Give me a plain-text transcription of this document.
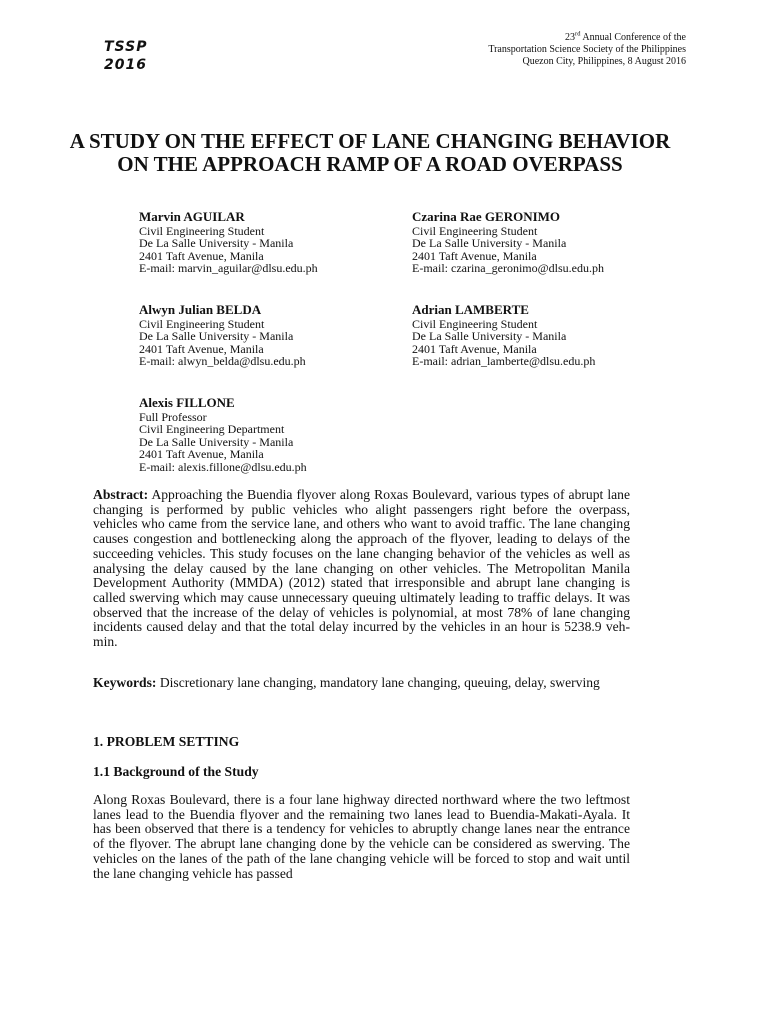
TSSP
2016
23rd Annual Conference of the
Transportation Science Society of the Philippines
Quezon City, Philippines, 8 August 2016
A STUDY ON THE EFFECT OF LANE CHANGING BEHAVIOR ON THE APPROACH RAMP OF A ROAD OVERPASS
Marvin AGUILAR
Civil Engineering Student
De La Salle University - Manila
2401 Taft Avenue, Manila
E-mail: marvin_aguilar@dlsu.edu.ph
Czarina Rae GERONIMO
Civil Engineering Student
De La Salle University - Manila
2401 Taft Avenue, Manila
E-mail: czarina_geronimo@dlsu.edu.ph
Alwyn Julian BELDA
Civil Engineering Student
De La Salle University - Manila
2401 Taft Avenue, Manila
E-mail: alwyn_belda@dlsu.edu.ph
Adrian LAMBERTE
Civil Engineering Student
De La Salle University - Manila
2401 Taft Avenue, Manila
E-mail: adrian_lamberte@dlsu.edu.ph
Alexis FILLONE
Full Professor
Civil Engineering Department
De La Salle University - Manila
2401 Taft Avenue, Manila
E-mail: alexis.fillone@dlsu.edu.ph

Abstract: Approaching the Buendia flyover along Roxas Boulevard, various types of abrupt lane changing is performed by public vehicles who alight passengers right before the overpass, vehicles who came from the service lane, and others who want to avoid traffic. The lane changing causes congestion and bottlenecking along the approach of the flyover, leading to delays of the succeeding vehicles. This study focuses on the lane changing behavior of the vehicles as well as analysing the delay caused by the lane changing on other vehicles. The Metropolitan Manila Development Authority (MMDA) (2012) stated that irresponsible and abrupt lane changing is called swerving which may cause unnecessary queuing ultimately leading to traffic delays. It was observed that the increase of the delay of vehicles is polynomial, at most 78% of lane changing incidents caused delay and that the total delay incurred by the vehicles in an hour is 5238.9 veh-min.

Keywords: Discretionary lane changing, mandatory lane changing, queuing, delay, swerving

1. PROBLEM SETTING
1.1 Background of the Study

Along Roxas Boulevard, there is a four lane highway directed northward where the two leftmost lanes lead to the Buendia flyover and the remaining two lanes lead to Buendia-Makati-Ayala. It has been observed that there is a tendency for vehicles to abruptly change lanes near the entrance of the flyover. The abrupt lane changing done by the vehicle can be considered as swerving. The vehicles on the lanes of the path of the lane changing vehicle will be forced to stop and wait until the lane changing vehicle has passed
